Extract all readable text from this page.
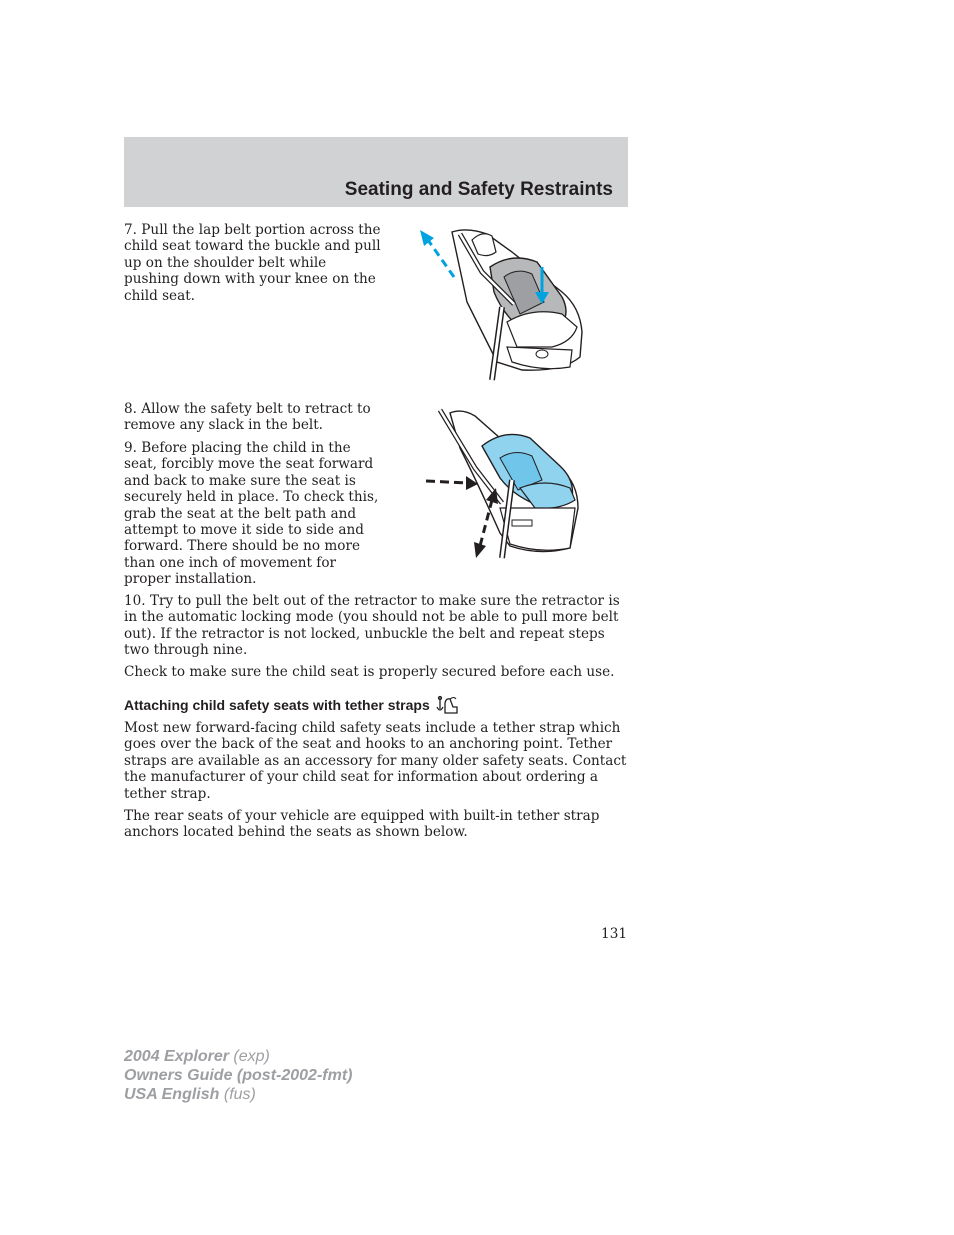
Seating and Safety Restraints

7. Pull the lap belt portion across the child seat toward the buckle and pull up on the shoulder belt while pushing down with your knee on the child seat.

8. Allow the safety belt to retract to remove any slack in the belt.

9. Before placing the child in the seat, forcibly move the seat forward and back to make sure the seat is securely held in place. To check this, grab the seat at the belt path and attempt to move it side to side and forward. There should be no more than one inch of movement for proper installation.

10. Try to pull the belt out of the retractor to make sure the retractor is in the automatic locking mode (you should not be able to pull more belt out). If the retractor is not locked, unbuckle the belt and repeat steps two through nine.

Check to make sure the child seat is properly secured before each use.

Attaching child safety seats with tether straps

Most new forward-facing child safety seats include a tether strap which goes over the back of the seat and hooks to an anchoring point. Tether straps are available as an accessory for many older safety seats. Contact the manufacturer of your child seat for information about ordering a tether strap.

The rear seats of your vehicle are equipped with built-in tether strap anchors located behind the seats as shown below.

131
2004 Explorer (exp)
Owners Guide (post-2002-fmt)
USA English (fus)
